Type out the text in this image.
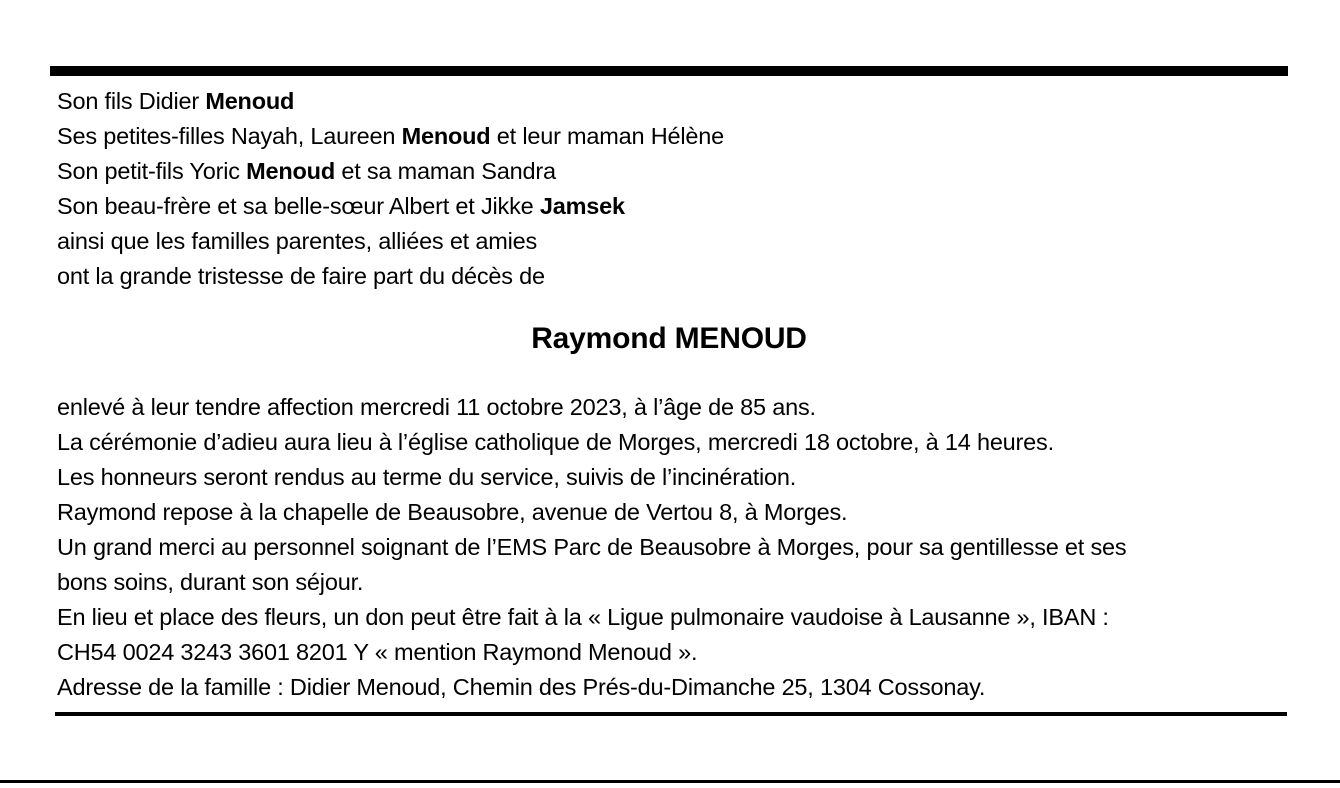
Son fils Didier Menoud
Ses petites-filles Nayah, Laureen Menoud et leur maman Hélène
Son petit-fils Yoric Menoud et sa maman Sandra
Son beau-frère et sa belle-sœur Albert et Jikke Jamsek
ainsi que les familles parentes, alliées et amies
ont la grande tristesse de faire part du décès de
Raymond MENOUD
enlevé à leur tendre affection mercredi 11 octobre 2023, à l’âge de 85 ans.
La cérémonie d’adieu aura lieu à l’église catholique de Morges, mercredi 18 octobre, à 14 heures.
Les honneurs seront rendus au terme du service, suivis de l’incinération.
Raymond repose à la chapelle de Beausobre, avenue de Vertou 8, à Morges.
Un grand merci au personnel soignant de l’EMS Parc de Beausobre à Morges, pour sa gentillesse et ses
bons soins, durant son séjour.
En lieu et place des fleurs, un don peut être fait à la « Ligue pulmonaire vaudoise à Lausanne », IBAN :
CH54 0024 3243 3601 8201 Y « mention Raymond Menoud ».
Adresse de la famille : Didier Menoud, Chemin des Prés-du-Dimanche 25, 1304 Cossonay.
